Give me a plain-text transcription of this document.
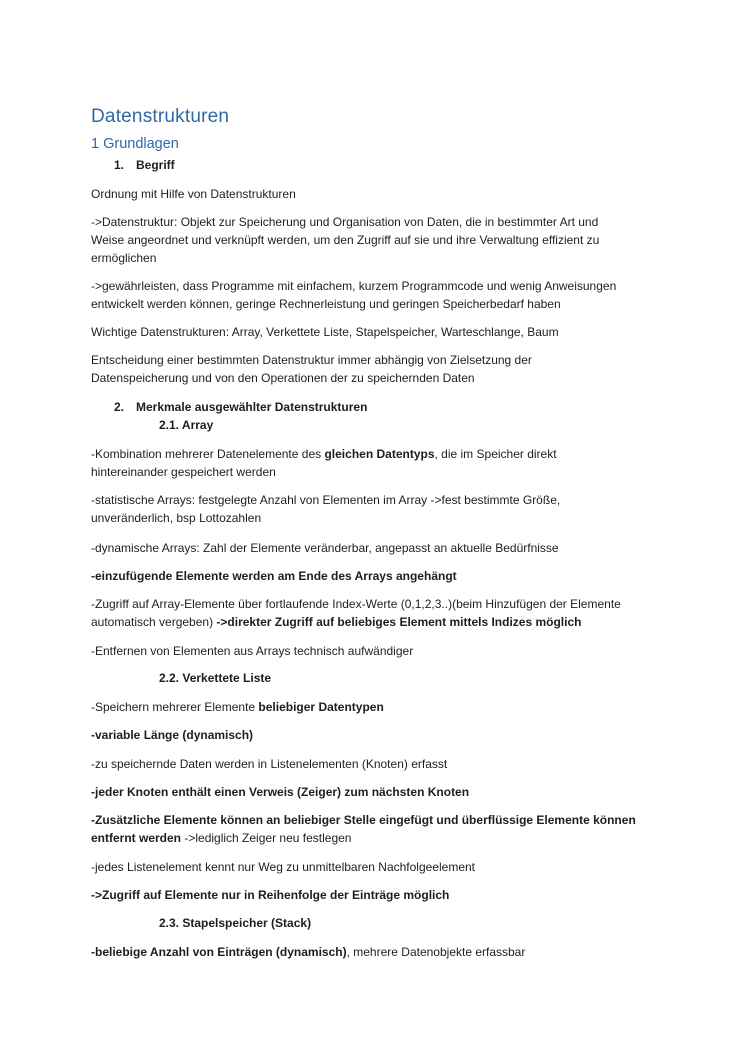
Datenstrukturen
1 Grundlagen
1. Begriff
Ordnung mit Hilfe von Datenstrukturen
->Datenstruktur: Objekt zur Speicherung und Organisation von Daten, die in bestimmter Art und
Weise angeordnet und verknüpft werden, um den Zugriff auf sie und ihre Verwaltung effizient zu
ermöglichen
->gewährleisten, dass Programme mit einfachem, kurzem Programmcode und wenig Anweisungen
entwickelt werden können, geringe Rechnerleistung und geringen Speicherbedarf haben
Wichtige Datenstrukturen: Array, Verkettete Liste, Stapelspeicher, Warteschlange, Baum
Entscheidung einer bestimmten Datenstruktur immer abhängig von Zielsetzung der
Datenspeicherung und von den Operationen der zu speichernden Daten
2. Merkmale ausgewählter Datenstrukturen
2.1. Array
-Kombination mehrerer Datenelemente des gleichen Datentyps, die im Speicher direkt
hintereinander gespeichert werden
-statistische Arrays: festgelegte Anzahl von Elementen im Array ->fest bestimmte Größe,
unveränderlich, bsp Lottozahlen
-dynamische Arrays: Zahl der Elemente veränderbar, angepasst an aktuelle Bedürfnisse
-einzufügende Elemente werden am Ende des Arrays angehängt
-Zugriff auf Array-Elemente über fortlaufende Index-Werte (0,1,2,3..)(beim Hinzufügen der Elemente
automatisch vergeben) ->direkter Zugriff auf beliebiges Element mittels Indizes möglich
-Entfernen von Elementen aus Arrays technisch aufwändiger
2.2. Verkettete Liste
-Speichern mehrerer Elemente beliebiger Datentypen
-variable Länge (dynamisch)
-zu speichernde Daten werden in Listenelementen (Knoten) erfasst
-jeder Knoten enthält einen Verweis (Zeiger) zum nächsten Knoten
-Zusätzliche Elemente können an beliebiger Stelle eingefügt und überflüssige Elemente können
entfernt werden ->lediglich Zeiger neu festlegen
-jedes Listenelement kennt nur Weg zu unmittelbaren Nachfolgeelement
->Zugriff auf Elemente nur in Reihenfolge der Einträge möglich
2.3. Stapelspeicher (Stack)
-beliebige Anzahl von Einträgen (dynamisch), mehrere Datenobjekte erfassbar
